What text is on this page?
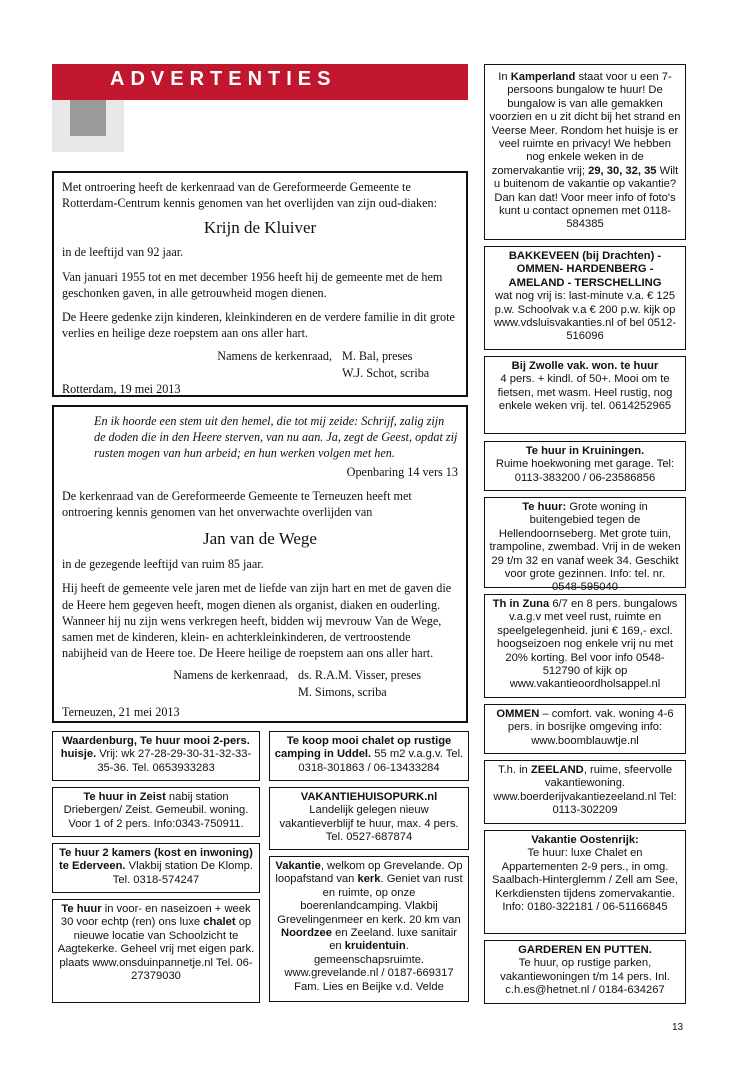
ADVERTENTIES

Met ontroering heeft de kerkenraad van de Gereformeerde Gemeente te Rotterdam-Centrum kennis genomen van het overlijden van zijn oud-diaken:

Krijn de Kluiver

in de leeftijd van 92 jaar.

Van januari 1955 tot en met december 1956 heeft hij de gemeente met de hem geschonken gaven, in alle getrouwheid mogen dienen.

De Heere gedenke zijn kinderen, kleinkinderen en de verdere familie in dit grote verlies en heilige deze roepstem aan ons aller hart.

Namens de kerkenraad, M. Bal, preses
W.J. Schot, scriba

Rotterdam, 19 mei 2013

En ik hoorde een stem uit den hemel, die tot mij zeide: Schrijf, zalig zijn de doden die in den Heere sterven, van nu aan. Ja, zegt de Geest, opdat zij rusten mogen van hun arbeid; en hun werken volgen met hen.

Openbaring 14 vers 13

De kerkenraad van de Gereformeerde Gemeente te Terneuzen heeft met ontroering kennis genomen van het onverwachte overlijden van

Jan van de Wege

in de gezegende leeftijd van ruim 85 jaar.

Hij heeft de gemeente vele jaren met de liefde van zijn hart en met de gaven die de Heere hem gegeven heeft, mogen dienen als organist, diaken en ouderling. Wanneer hij nu zijn wens verkregen heeft, bidden wij mevrouw Van de Wege, samen met de kinderen, klein- en achterkleinkinderen, de vertroostende nabijheid van de Heere toe. De Heere heilige de roepstem aan ons aller hart.

Namens de kerkenraad, ds. R.A.M. Visser, preses
M. Simons, scriba

Terneuzen, 21 mei 2013

In Kamperland staat voor u een 7-persoons bungalow te huur! De bungalow is van alle gemakken voorzien en u zit dicht bij het strand en Veerse Meer. Rondom het huisje is er veel ruimte en privacy! We hebben nog enkele weken in de zomervakantie vrij; 29, 30, 32, 35 Wilt u buitenom de vakantie op vakantie? Dan kan dat! Voor meer info of foto's kunt u contact opnemen met 0118-584385
BAKKEVEEN (bij Drachten) - OMMEN- HARDENBERG - AMELAND - TERSCHELLING
wat nog vrij is: last-minute v.a. € 125 p.w. Schoolvak v.a € 200 p.w. kijk op www.vdsluisvakanties.nl of bel 0512-516096
Bij Zwolle vak. won. te huur
4 pers. + kindl. of 50+. Mooi om te fietsen, met wasm. Heel rustig, nog enkele weken vrij. tel. 0614252965
Te huur in Kruiningen.
Ruime hoekwoning met garage. Tel: 0113-383200 / 06-23586856
Te huur: Grote woning in buitengebied tegen de Hellendoornseberg. Met grote tuin, trampoline, zwembad. Vrij in de weken 29 t/m 32 en vanaf week 34. Geschikt voor grote gezinnen. Info: tel. nr. 0548-595040
Th in Zuna 6/7 en 8 pers. bungalows v.a.g.v met veel rust, ruimte en speelgelegenheid. juni € 169,- excl. hoogseizoen nog enkele vrij nu met 20% korting. Bel voor info 0548-512790 of kijk op www.vakantieoordholsappel.nl
OMMEN – comfort. vak. woning 4-6 pers. in bosrijke omgeving info: www.boomblauwtje.nl
T.h. in ZEELAND, ruime, sfeervolle vakantiewoning. www.boerderijvakantiezeeland.nl Tel: 0113-302209
Vakantie Oostenrijk:
Te huur: luxe Chalet en Appartementen 2-9 pers., in omg. Saalbach-Hinterglemm / Zell am See, Kerkdiensten tijdens zomervakantie. Info: 0180-322181 / 06-51166845
GARDEREN EN PUTTEN.
Te huur, op rustige parken, vakantiewoningen t/m 14 pers. Inl. c.h.es@hetnet.nl / 0184-634267
Waardenburg, Te huur mooi 2-pers. huisje. Vrij: wk 27-28-29-30-31-32-33-35-36. Tel. 0653933283
Te huur in Zeist nabij station Driebergen/ Zeist. Gemeubil. woning. Voor 1 of 2 pers. Info:0343-750911.
Te huur 2 kamers (kost en inwoning) te Ederveen. Vlakbij station De Klomp. Tel. 0318-574247
Te huur in voor- en naseizoen + week 30 voor echtp (ren) ons luxe chalet op nieuwe locatie van Schoolzicht te Aagtekerke. Geheel vrij met eigen park. plaats www.onsduinpannetje.nl Tel. 06-27379030
Te koop mooi chalet op rustige camping in Uddel. 55 m2 v.a.g.v. Tel. 0318-301863 / 06-13433284
VAKANTIEHUISOPURK.nl
Landelijk gelegen nieuw vakantieverblijf te huur, max. 4 pers. Tel. 0527-687874
Vakantie, welkom op Grevelande. Op loopafstand van kerk. Geniet van rust en ruimte, op onze boerenlandcamping. Vlakbij Grevelingenmeer en kerk. 20 km van Noordzee en Zeeland. luxe sanitair en kruidentuin. gemeenschapsruimte. www.grevelande.nl / 0187-669317 Fam. Lies en Beijke v.d. Velde
13
